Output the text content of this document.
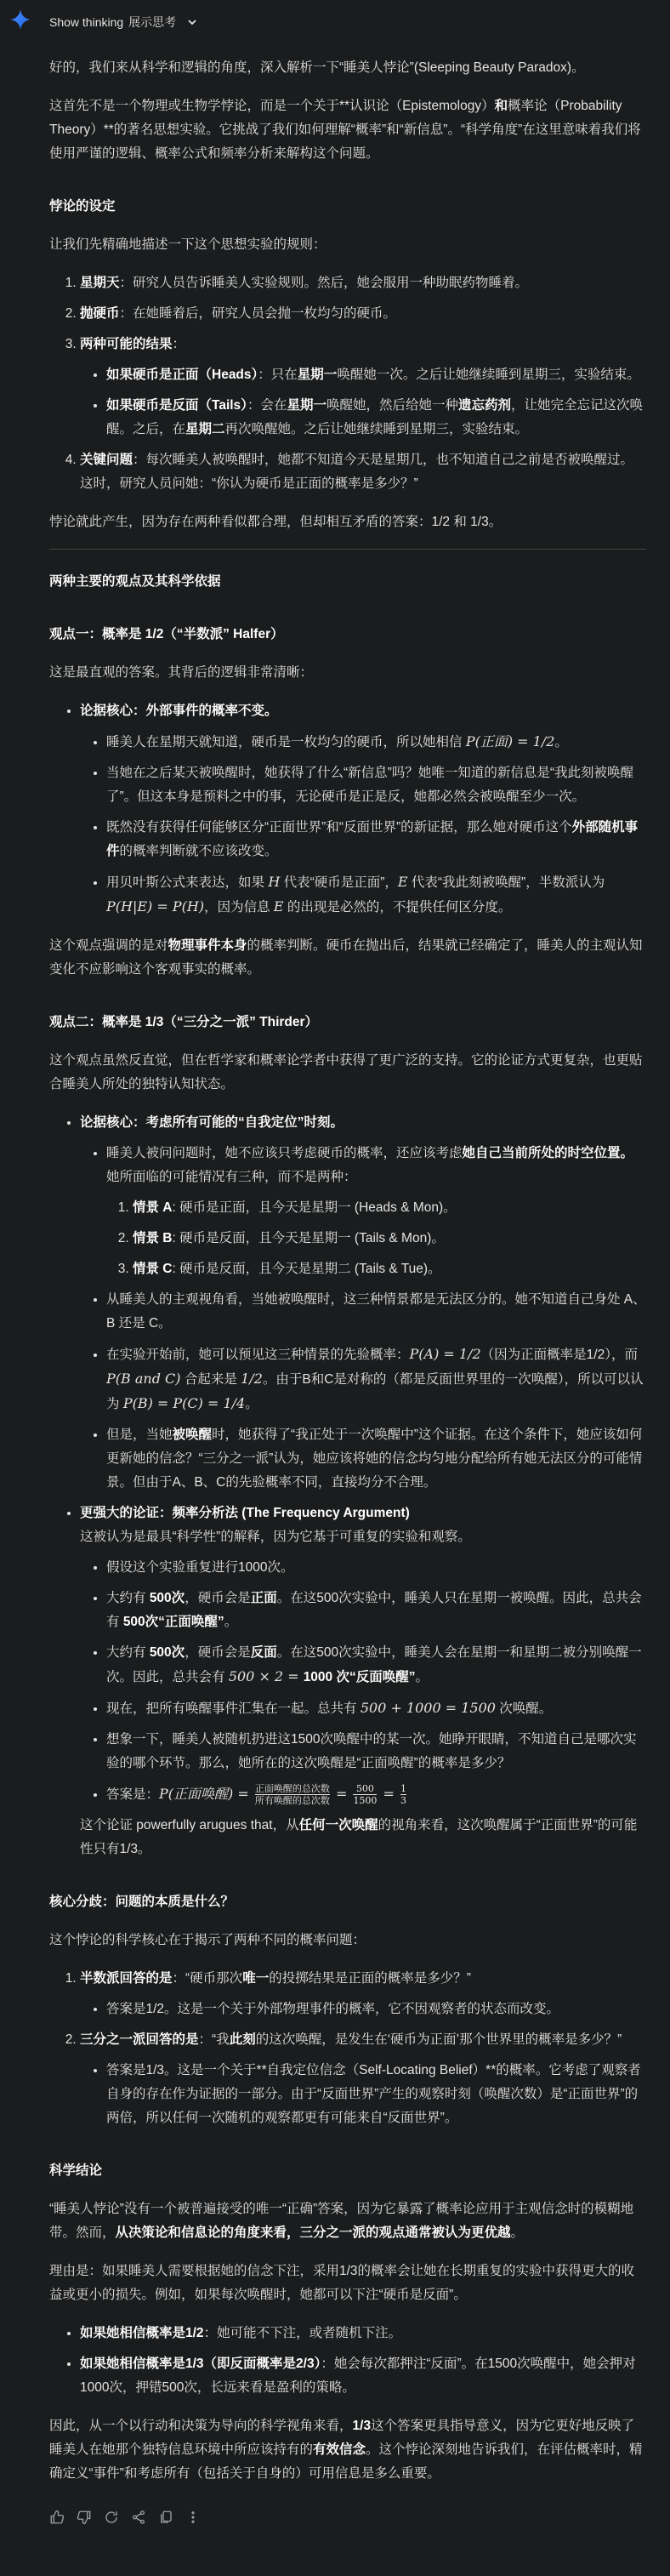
Show thinking 展示思考

好的，我们来从科学和逻辑的角度，深入解析一下“睡美人悖论”(Sleeping Beauty Paradox)。

这首先不是一个物理或生物学悖论，而是一个关于**认识论（Epistemology）和概率论（Probability Theory）**的著名思想实验。它挑战了我们如何理解“概率”和“新信息”。“科学角度”在这里意味着我们将使用严谨的逻辑、概率公式和频率分析来解构这个问题。

悖论的设定

让我们先精确地描述一下这个思想实验的规则：

1. 星期天：研究人员告诉睡美人实验规则。然后，她会服用一种助眠药物睡着。
2. 抛硬币：在她睡着后，研究人员会抛一枚均匀的硬币。
3. 两种可能的结果：
• 如果硬币是正面（Heads）：只在星期一唤醒她一次。之后让她继续睡到星期三，实验结束。
• 如果硬币是反面（Tails）：会在星期一唤醒她，然后给她一种遗忘药剂，让她完全忘记这次唤醒。之后，在星期二再次唤醒她。之后让她继续睡到星期三，实验结束。
4. 关键问题：每次睡美人被唤醒时，她都不知道今天是星期几，也不知道自己之前是否被唤醒过。这时，研究人员问她：“你认为硬币是正面的概率是多少？”

悖论就此产生，因为存在两种看似都合理，但却相互矛盾的答案：1/2 和 1/3。

两种主要的观点及其科学依据
观点一：概率是 1/2（“半数派” Halfer）

这是最直观的答案。其背后的逻辑非常清晰：

• 论据核心：外部事件的概率不变。
• 睡美人在星期天就知道，硬币是一枚均匀的硬币，所以她相信 P(正面) = 1/2。
• 当她在之后某天被唤醒时，她获得了什么“新信息”吗？她唯一知道的新信息是“我此刻被唤醒了”。但这本身是预料之中的事，无论硬币是正是反，她都必然会被唤醒至少一次。
• 既然没有获得任何能够区分“正面世界”和“反面世界”的新证据，那么她对硬币这个外部随机事件的概率判断就不应该改变。
• 用贝叶斯公式来表达，如果 H 代表“硬币是正面”，E 代表“我此刻被唤醒”，半数派认为 P(H|E) = P(H)，因为信息 E 的出现是必然的，不提供任何区分度。

这个观点强调的是对物理事件本身的概率判断。硬币在抛出后，结果就已经确定了，睡美人的主观认知变化不应影响这个客观事实的概率。

观点二：概率是 1/3（“三分之一派” Thirder）

这个观点虽然反直觉，但在哲学家和概率论学者中获得了更广泛的支持。它的论证方式更复杂，也更贴合睡美人所处的独特认知状态。

• 论据核心：考虑所有可能的“自我定位”时刻。
• 睡美人被问问题时，她不应该只考虑硬币的概率，还应该考虑她自己当前所处的时空位置。她所面临的可能情况有三种，而不是两种：
1. 情景 A: 硬币是正面，且今天是星期一 (Heads & Mon)。
2. 情景 B: 硬币是反面，且今天是星期一 (Tails & Mon)。
3. 情景 C: 硬币是反面，且今天是星期二 (Tails & Tue)。
• 从睡美人的主观视角看，当她被唤醒时，这三种情景都是无法区分的。她不知道自己身处 A、B 还是 C。
• 在实验开始前，她可以预见这三种情景的先验概率：P(A) = 1/2（因为正面概率是1/2），而 P(B and C) 合起来是 1/2。由于B和C是对称的（都是反面世界里的一次唤醒），所以可以认为 P(B) = P(C) = 1/4。
• 但是，当她被唤醒时，她获得了“我正处于一次唤醒中”这个证据。在这个条件下，她应该如何更新她的信念？“三分之一派”认为，她应该将她的信念均匀地分配给所有她无法区分的可能情景。但由于A、B、C的先验概率不同，直接均分不合理。
• 更强大的论证：频率分析法 (The Frequency Argument)
这被认为是最具“科学性”的解释，因为它基于可重复的实验和观察。
• 假设这个实验重复进行1000次。
• 大约有 500次，硬币会是正面。在这500次实验中，睡美人只在星期一被唤醒。因此，总共会有 500次“正面唤醒”。
• 大约有 500次，硬币会是反面。在这500次实验中，睡美人会在星期一和星期二被分别唤醒一次。因此，总共会有 500 × 2 = 1000 次“反面唤醒”。
• 现在，把所有唤醒事件汇集在一起。总共有 500 + 1000 = 1500 次唤醒。
• 想象一下，睡美人被随机扔进这1500次唤醒中的某一次。她睁开眼睛，不知道自己是哪次实验的哪个环节。那么，她所在的这次唤醒是“正面唤醒”的概率是多少？
• 答案是：P(正面唤醒) = $\frac{\text{正面唤醒的总次数}}{\text{所有唤醒的总次数}} = \frac{500}{1500} = \frac{1}{3}$
这个论证 powerfully arugues that，从任何一次唤醒的视角来看，这次唤醒属于“正面世界”的可能性只有1/3。
核心分歧：问题的本质是什么？

这个悖论的科学核心在于揭示了两种不同的概率问题：

1. 半数派回答的是：“硬币那次唯一的投掷结果是正面的概率是多少？”
• 答案是1/2。这是一个关于外部物理事件的概率，它不因观察者的状态而改变。
2. 三分之一派回答的是：“我此刻的这次唤醒，是发生在‘硬币为正面’那个世界里的概率是多少？”
• 答案是1/3。这是一个关于**自我定位信念（Self-Locating Belief）**的概率。它考虑了观察者自身的存在作为证据的一部分。由于“反面世界”产生的观察时刻（唤醒次数）是“正面世界”的两倍，所以任何一次随机的观察都更有可能来自“反面世界”。
科学结论

“睡美人悖论”没有一个被普遍接受的唯一“正确”答案，因为它暴露了概率论应用于主观信念时的模糊地带。然而，从决策论和信息论的角度来看，三分之一派的观点通常被认为更优越。

理由是：如果睡美人需要根据她的信念下注，采用1/3的概率会让她在长期重复的实验中获得更大的收益或更小的损失。例如，如果每次唤醒时，她都可以下注“硬币是反面”。

• 如果她相信概率是1/2：她可能不下注，或者随机下注。
• 如果她相信概率是1/3（即反面概率是2/3）：她会每次都押注“反面”。在1500次唤醒中，她会押对1000次，押错500次，长远来看是盈利的策略。

因此，从一个以行动和决策为导向的科学视角来看，1/3这个答案更具指导意义，因为它更好地反映了睡美人在她那个独特信息环境中所应该持有的有效信念。这个悖论深刻地告诉我们，在评估概率时，精确定义“事件”和考虑所有（包括关于自身的）可用信息是多么重要。
